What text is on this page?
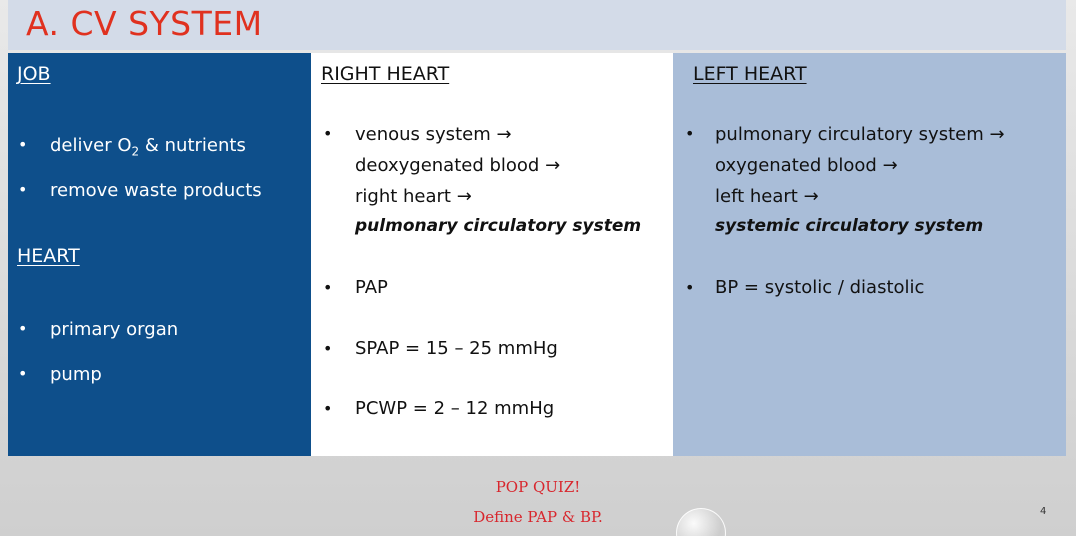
A. CV SYSTEM
JOB
• deliver $O_2$ & nutrients
• remove waste products
HEART
• primary organ
• pump
RIGHT HEART
• venous system →
deoxygenated blood →
right heart →
pulmonary circulatory system
• PAP
• SPAP = 15 – 25 mmHg
• PCWP = 2 – 12 mmHg
LEFT HEART
• pulmonary circulatory system →
oxygenated blood →
left heart →
systemic circulatory system
• BP = systolic / diastolic
POP QUIZ!
Define PAP & BP.	4
